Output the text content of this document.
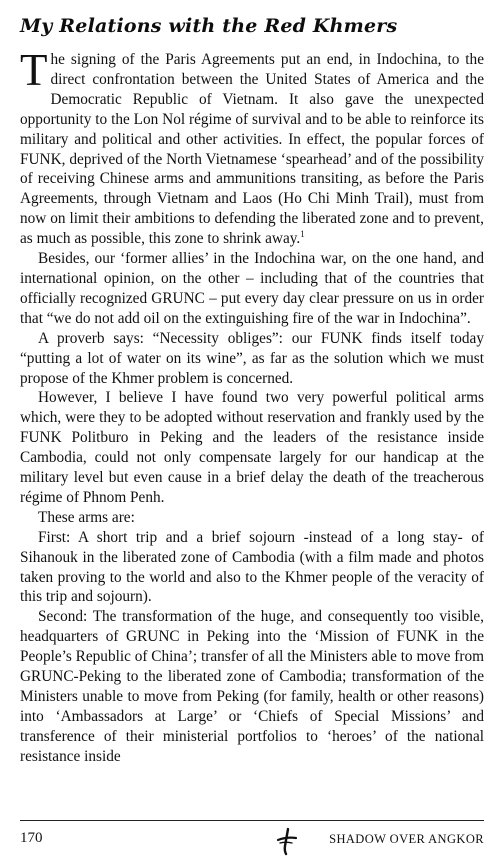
My Relations with the Red Khmers

The signing of the Paris Agreements put an end, in Indochina, to the direct confrontation between the United States of America and the Democratic Republic of Vietnam. It also gave the unexpected opportunity to the Lon Nol régime of survival and to be able to reinforce its military and political and other activities. In effect, the popular forces of FUNK, deprived of the North Vietnamese ‘spearhead’ and of the possibility of receiving Chinese arms and ammunitions transiting, as before the Paris Agreements, through Vietnam and Laos (Ho Chi Minh Trail), must from now on limit their ambitions to defending the liberated zone and to prevent, as much as possible, this zone to shrink away.$^1$

Besides, our ‘former allies’ in the Indochina war, on the one hand, and international opinion, on the other – including that of the countries that officially recognized GRUNC – put every day clear pressure on us in order that “we do not add oil on the extinguishing fire of the war in Indochina”.

A proverb says: “Necessity obliges”: our FUNK finds itself today “putting a lot of water on its wine”, as far as the solution which we must propose of the Khmer problem is concerned.

However, I believe I have found two very powerful political arms which, were they to be adopted without reservation and frankly used by the FUNK Politburo in Peking and the leaders of the resistance inside Cambodia, could not only compensate largely for our handicap at the military level but even cause in a brief delay the death of the treacherous régime of Phnom Penh.

These arms are:

First: A short trip and a brief sojourn -instead of a long stay- of Sihanouk in the liberated zone of Cambodia (with a film made and photos taken proving to the world and also to the Khmer people of the veracity of this trip and sojourn).

Second: The transformation of the huge, and consequently too visible, headquarters of GRUNC in Peking into the ‘Mission of FUNK in the People’s Republic of China’; transfer of all the Ministers able to move from GRUNC-Peking to the liberated zone of Cambodia; transformation of the Ministers unable to move from Peking (for family, health or other reasons) into ‘Ambassadors at Large’ or ‘Chiefs of Special Missions’ and transference of their ministerial portfolios to ‘heroes’ of the national resistance inside

170	SHADOW OVER ANGKOR
